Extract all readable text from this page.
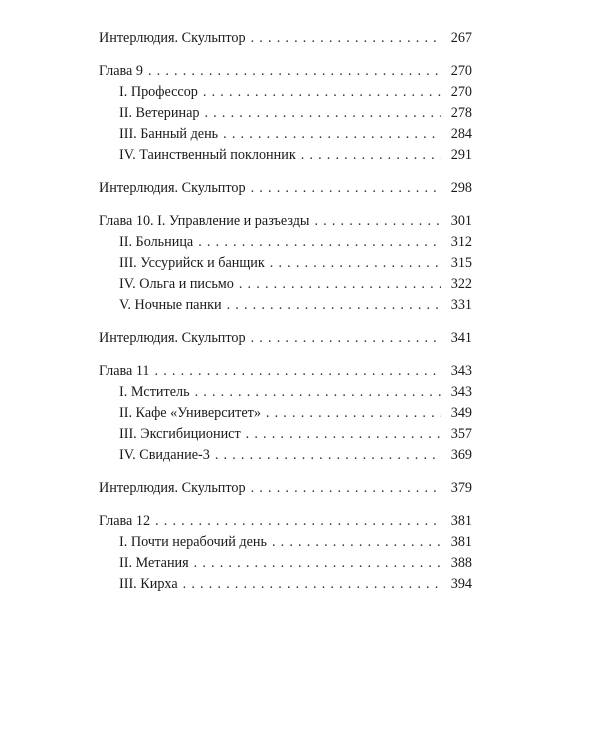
Интерлюдия. Скульптор . . .	267
Глава 9 . . .	270
I. Профессор . . .	270
II. Ветеринар . . .	278
III. Банный день . . .	284
IV. Таинственный поклонник . . .	291
Интерлюдия. Скульптор . . .	298
Глава 10. I. Управление и разъезды . . .	301
II. Больница . . .	312
III. Уссурийск и банщик . . .	315
IV. Ольга и письмо . . .	322
V. Ночные панки . . .	331
Интерлюдия. Скульптор . . .	341
Глава 11 . . .	343
I. Мститель . . .	343
II. Кафе «Университет» . . .	349
III. Эксгибиционист . . .	357
IV. Свидание-3 . . .	369
Интерлюдия. Скульптор . . .	379
Глава 12 . . .	381
I. Почти нерабочий день . . .	381
II. Метания . . .	388
III. Кирха . . .	394
